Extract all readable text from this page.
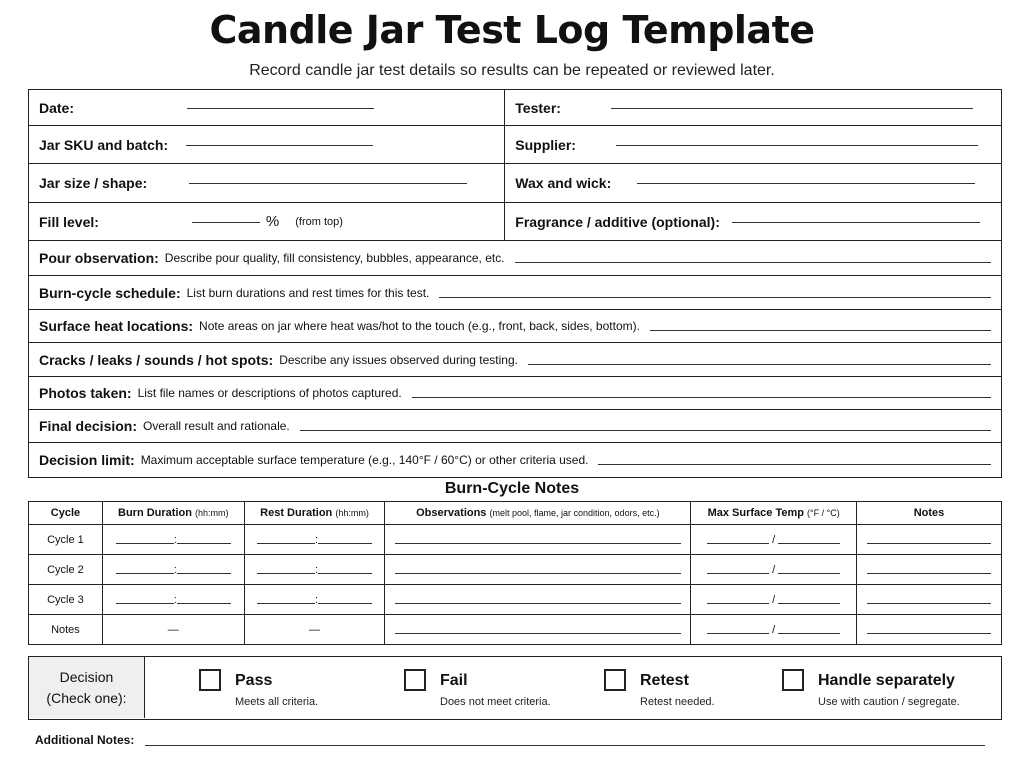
Candle Jar Test Log Template
Record candle jar test details so results can be repeated or reviewed later.
Date:	Tester:

Jar SKU and batch:	Supplier:

Jar size / shape:	Wax and wick:

Fill level: % (from top)	Fragrance / additive (optional):

Pour observation: Describe pour quality, fill consistency, bubbles, appearance, etc.	

Burn-cycle schedule: List burn durations and rest times for this test.	

Surface heat locations: Note areas on jar where heat was/hot to the touch (e.g., front, back, sides, bottom).	

Cracks / leaks / sounds / hot spots: Describe any issues observed during testing.	

Photos taken: List file names or descriptions of photos captured.	

Final decision: Overall result and rationale.	

Decision limit: Maximum acceptable surface temperature (e.g., 140°F / 60°C) or other criteria used.	
Burn-Cycle Notes
Cycle	Burn Duration (hh:mm)	Rest Duration (hh:mm)	Observations (melt pool, flame, jar condition, odors, etc.)	Max Surface Temp (°F / °C)	Notes
Cycle 1	:	:		/	
Cycle 2	:	:		/	
Cycle 3	:	:		/	
Notes	—	—		/	
Decision
(Check one):
Pass
Meets all criteria.
Fail
Does not meet criteria.
Retest
Retest needed.
Handle separately
Use with caution / segregate.
Additional Notes:
